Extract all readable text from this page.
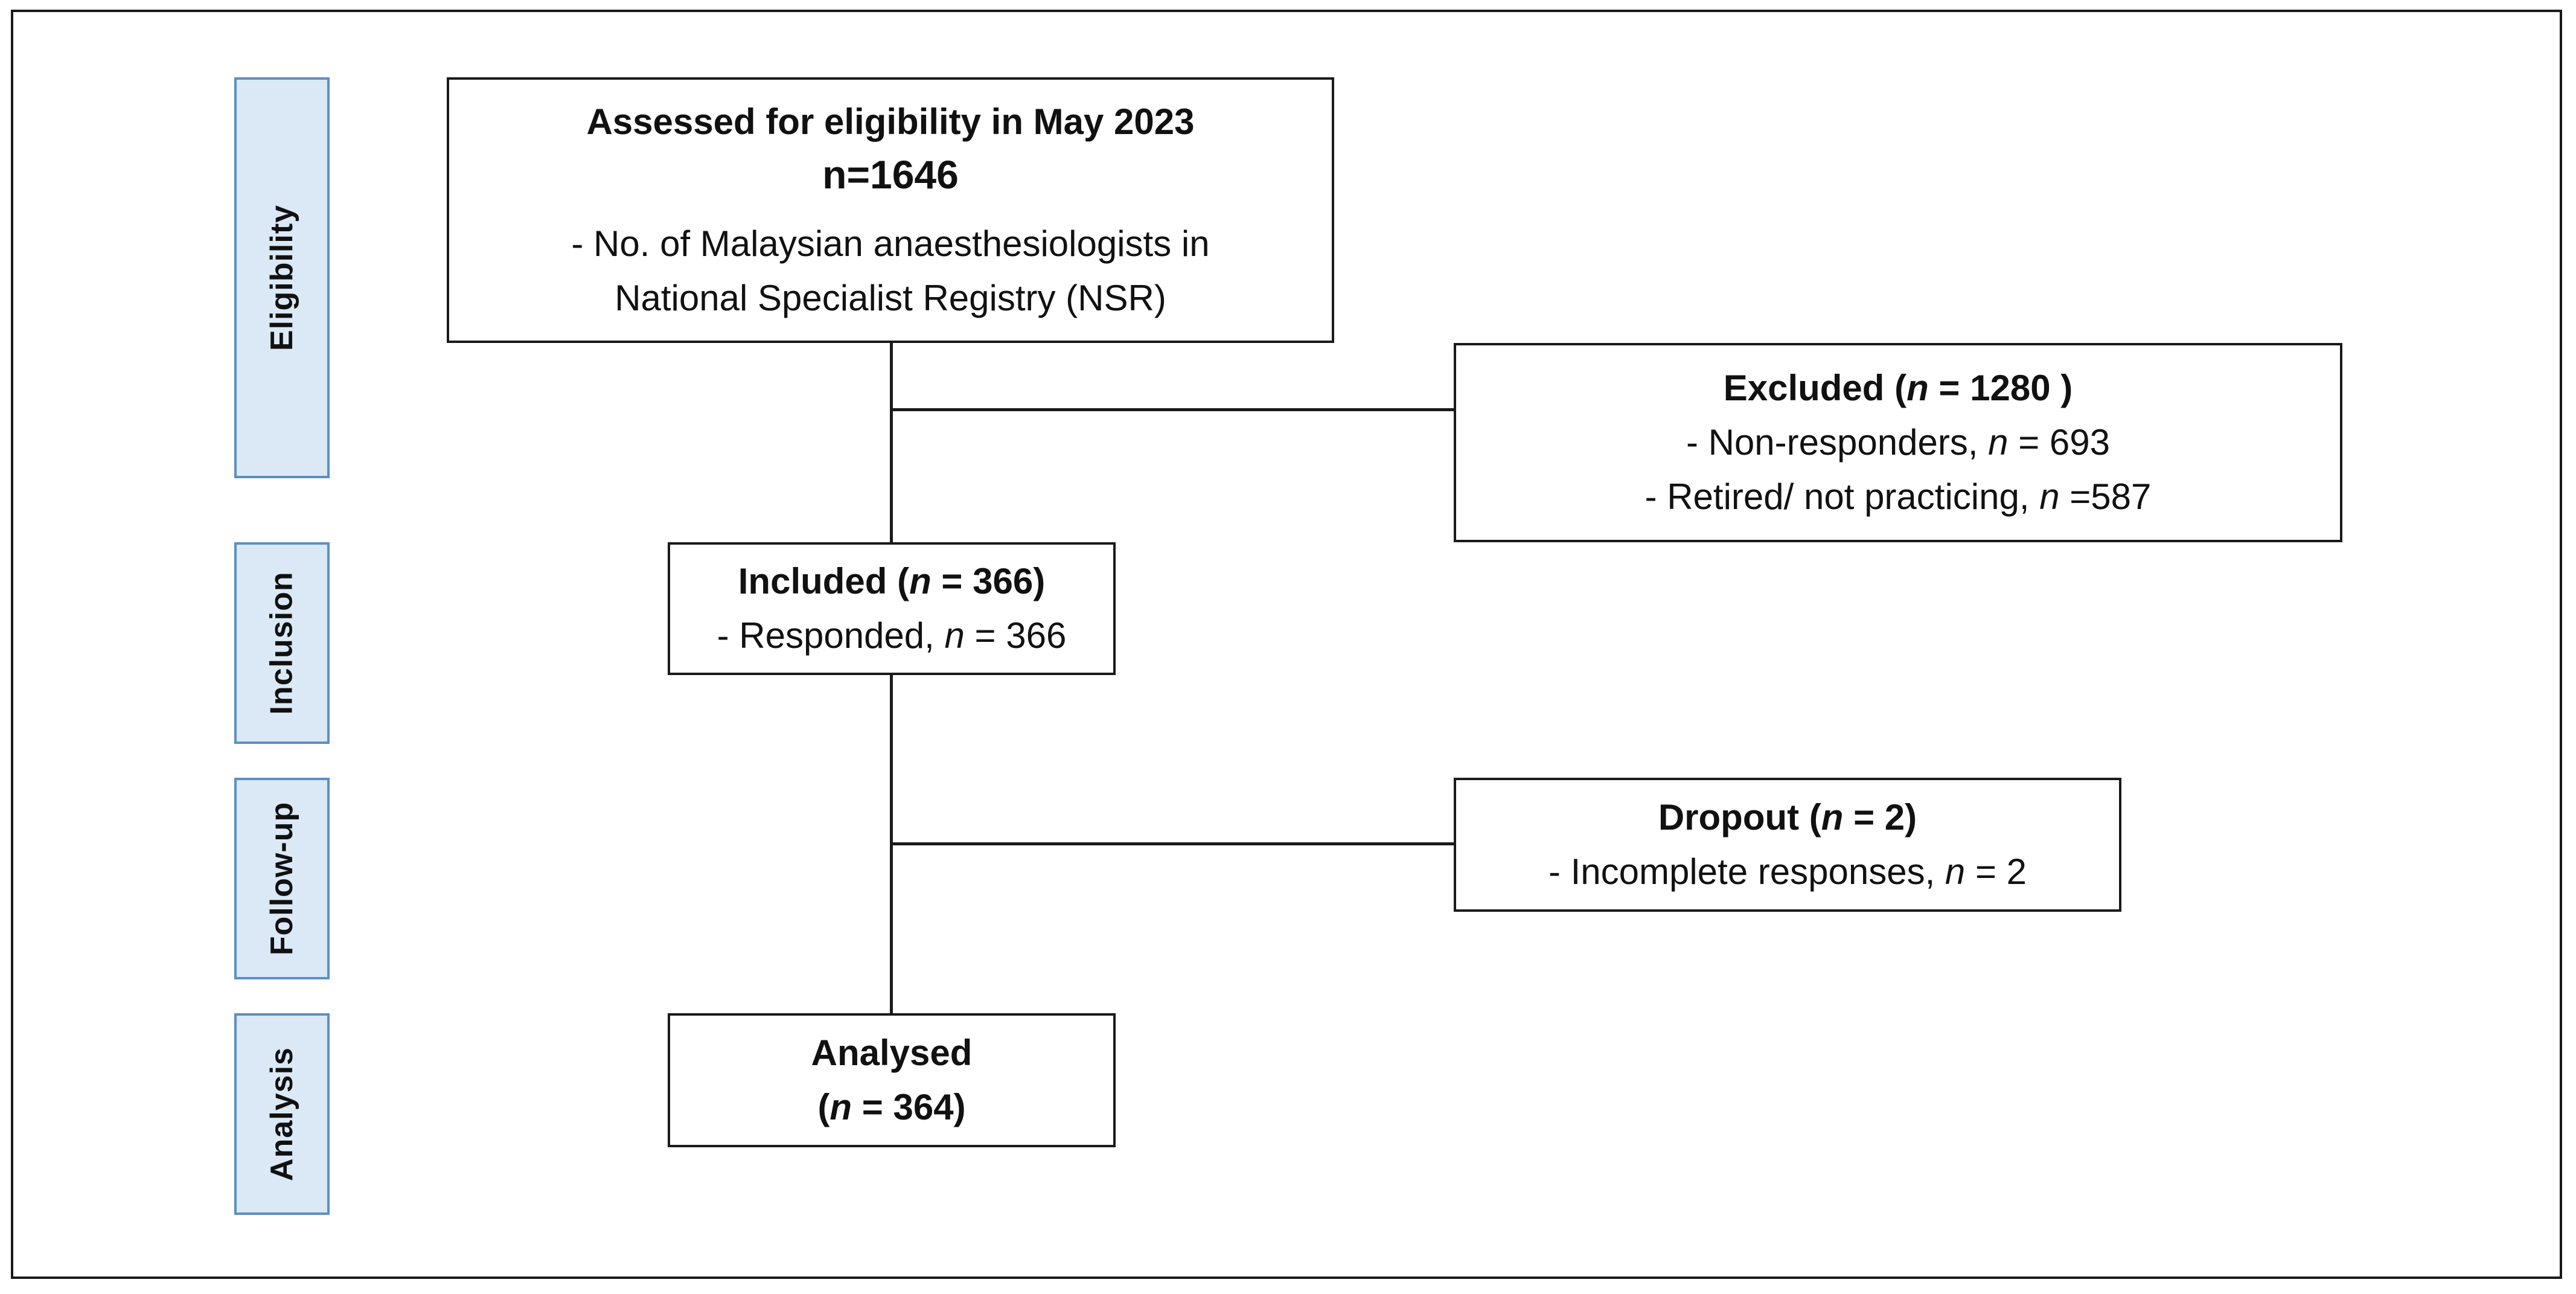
Eligibility
Inclusion
Follow-up
Analysis
Assessed for eligibility in May 2023
n=1646
- No. of Malaysian anaesthesiologists in
National Specialist Registry (NSR)
Excluded (n = 1280 )
- Non-responders, n = 693
- Retired/ not practicing, n =587
Included (n = 366)
- Responded, n = 366
Dropout (n = 2)
- Incomplete responses, n = 2
Analysed
(n = 364)
